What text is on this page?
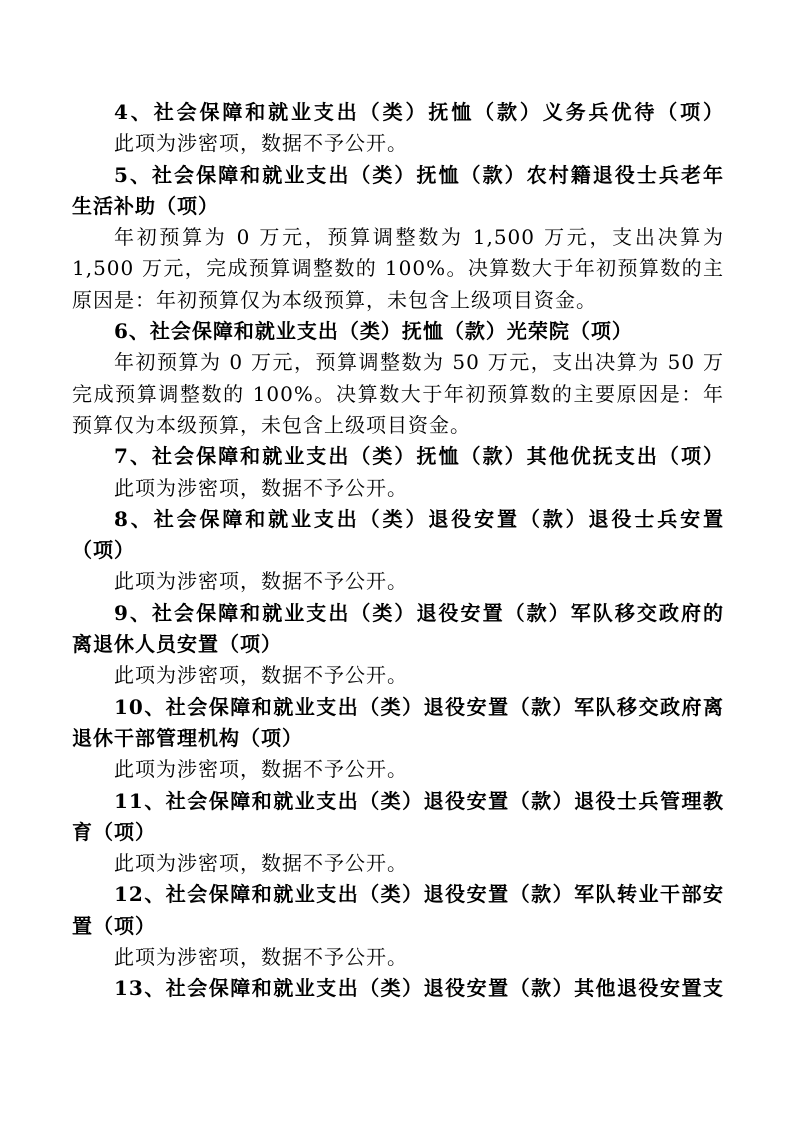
4、社会保障和就业支出（类）抚恤（款）义务兵优待（项）
此项为涉密项，数据不予公开。
5、社会保障和就业支出（类）抚恤（款）农村籍退役士兵老年
生活补助（项）
年初预算为 0 万元，预算调整数为 1,500 万元，支出决算为
1,500 万元，完成预算调整数的 100%。决算数大于年初预算数的主
原因是：年初预算仅为本级预算，未包含上级项目资金。
6、社会保障和就业支出（类）抚恤（款）光荣院（项）
年初预算为 0 万元，预算调整数为 50 万元，支出决算为 50 万
完成预算调整数的 100%。决算数大于年初预算数的主要原因是：年
预算仅为本级预算，未包含上级项目资金。
7、社会保障和就业支出（类）抚恤（款）其他优抚支出（项）
此项为涉密项，数据不予公开。
8、社会保障和就业支出（类）退役安置（款）退役士兵安置
（项）
此项为涉密项，数据不予公开。
9、社会保障和就业支出（类）退役安置（款）军队移交政府的
离退休人员安置（项）
此项为涉密项，数据不予公开。
10、社会保障和就业支出（类）退役安置（款）军队移交政府离
退休干部管理机构（项）
此项为涉密项，数据不予公开。
11、社会保障和就业支出（类）退役安置（款）退役士兵管理教
育（项）
此项为涉密项，数据不予公开。
12、社会保障和就业支出（类）退役安置（款）军队转业干部安
置（项）
此项为涉密项，数据不予公开。
13、社会保障和就业支出（类）退役安置（款）其他退役安置支
